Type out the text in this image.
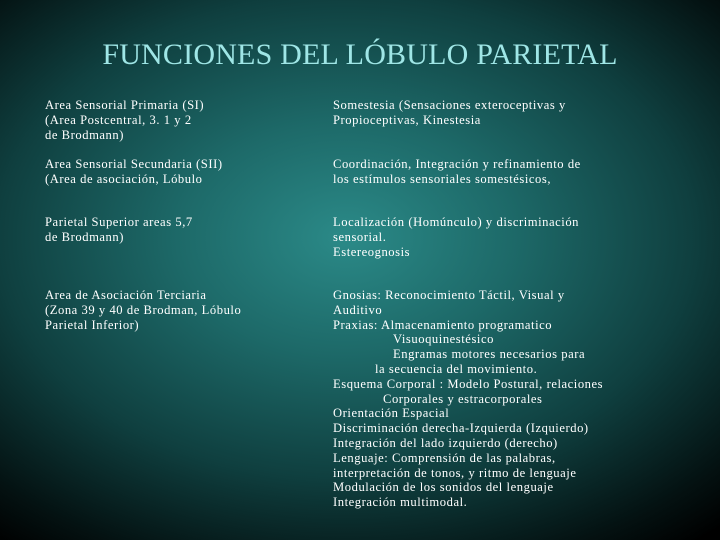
FUNCIONES DEL LÓBULO PARIETAL
Area Sensorial Primaria (SI)
(Area Postcentral, 3. 1 y 2
de Brodmann)
Somestesia (Sensaciones exteroceptivas y
Propioceptivas, Kinestesia
Area Sensorial Secundaria (SII)
(Area de asociación, Lóbulo
Coordinación, Integración y refinamiento de
los estímulos sensoriales somestésicos,
Parietal Superior areas 5,7
de Brodmann)
Localización (Homúnculo) y discriminación
sensorial.
Estereognosis
Area de Asociación Terciaria
(Zona 39 y 40 de Brodman, Lóbulo
Parietal Inferior)
Gnosias: Reconocimiento Táctil, Visual y
Auditivo
Praxias: Almacenamiento programatico
Visuoquinestésico
Engramas motores necesarios para
la secuencia del movimiento.
Esquema Corporal : Modelo Postural, relaciones
Corporales y estracorporales
Orientación Espacial
Discriminación derecha-Izquierda (Izquierdo)
Integración del lado izquierdo (derecho)
Lenguaje: Comprensión de las palabras,
interpretación de tonos, y ritmo de lenguaje
Modulación de los sonidos del lenguaje
Integración multimodal.
